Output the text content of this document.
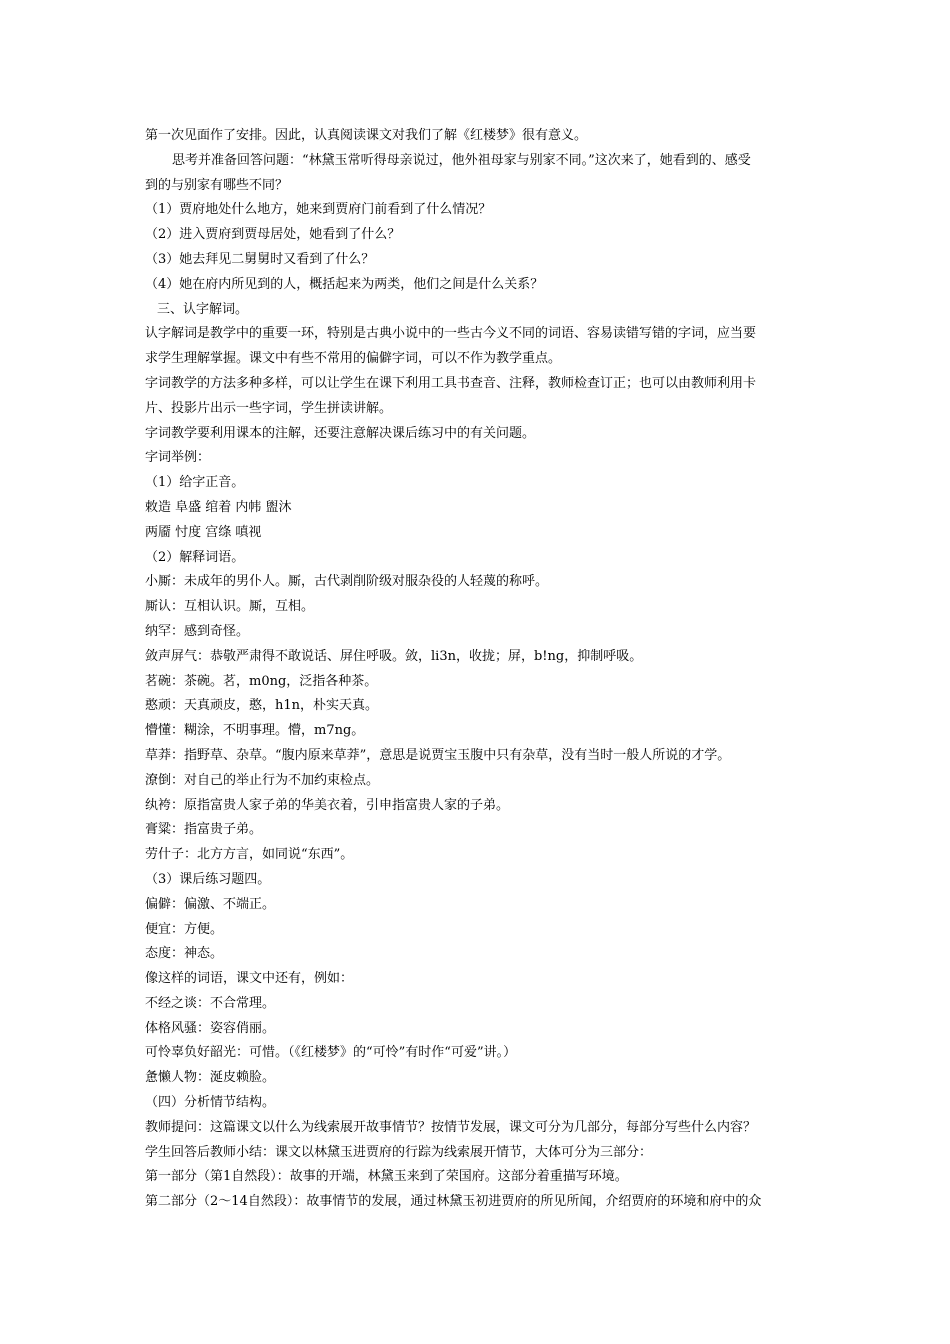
第一次见面作了安排。因此，认真阅读课文对我们了解《红楼梦》很有意义。
思考并准备回答问题：“林黛玉常听得母亲说过，他外祖母家与别家不同。”这次来了，她看到的、感受
到的与别家有哪些不同？
（1）贾府地处什么地方，她来到贾府门前看到了什么情况？
（2）进入贾府到贾母居处，她看到了什么？
（3）她去拜见二舅舅时又看到了什么？
（4）她在府内所见到的人，概括起来为两类，他们之间是什么关系？
三、认字解词。
认字解词是教学中的重要一环，特别是古典小说中的一些古今义不同的词语、容易读错写错的字词，应当要
求学生理解掌握。课文中有些不常用的偏僻字词，可以不作为教学重点。
字词教学的方法多种多样，可以让学生在课下利用工具书查音、注释，教师检查订正；也可以由教师利用卡
片、投影片出示一些字词，学生拼读讲解。
字词教学要利用课本的注解，还要注意解决课后练习中的有关问题。
字词举例：
（1）给字正音。
敕造 阜盛 绾着 内帏 盥沐
两靥 忖度 宫绦 嗔视
（2）解释词语。
小厮：未成年的男仆人。厮，古代剥削阶级对服杂役的人轻蔑的称呼。
厮认：互相认识。厮，互相。
纳罕：感到奇怪。
敛声屏气：恭敬严肃得不敢说话、屏住呼吸。敛，li3n，收拢；屏，b!ng，抑制呼吸。
茗碗：茶碗。茗，m0ng，泛指各种茶。
憨顽：天真顽皮，憨，h1n，朴实天真。
懵懂：糊涂，不明事理。懵，m7ng。
草莽：指野草、杂草。“腹内原来草莽”，意思是说贾宝玉腹中只有杂草，没有当时一般人所说的才学。
潦倒：对自己的举止行为不加约束检点。
纨袴：原指富贵人家子弟的华美衣着，引申指富贵人家的子弟。
膏粱：指富贵子弟。
劳什子：北方方言，如同说“东西”。
（3）课后练习题四。
偏僻：偏激、不端正。
便宜：方便。
态度：神态。
像这样的词语，课文中还有，例如：
不经之谈：不合常理。
体格风骚：姿容俏丽。
可怜辜负好韶光：可惜。（《红楼梦》的“可怜”有时作“可爱”讲。）
惫懒人物：涎皮赖脸。
（四）分析情节结构。
教师提问：这篇课文以什么为线索展开故事情节？按情节发展，课文可分为几部分，每部分写些什么内容？
学生回答后教师小结：课文以林黛玉进贾府的行踪为线索展开情节，大体可分为三部分：
第一部分（第1自然段）：故事的开端，林黛玉来到了荣国府。这部分着重描写环境。
第二部分（2～14自然段）：故事情节的发展，通过林黛玉初进贾府的所见所闻，介绍贾府的环境和府中的众
